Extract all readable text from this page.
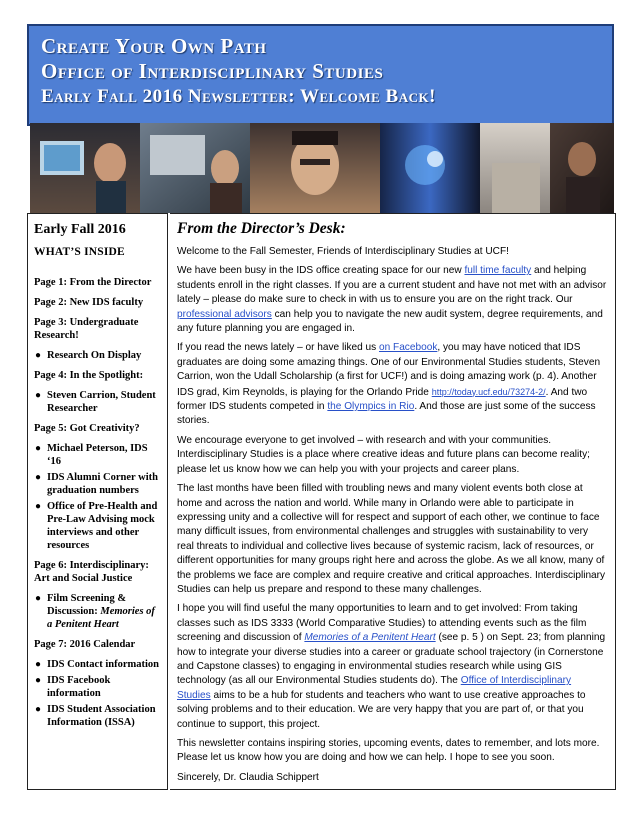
Create Your Own Path
Office of Interdisciplinary Studies
Early Fall 2016 Newsletter: Welcome Back!
Early Fall 2016
WHAT’S INSIDE
Page 1: From the Director
Page 2: New IDS faculty
Page 3: Undergraduate Research!
● Research On Display
Page 4: In the Spotlight:
● Steven Carrion, Student Researcher
Page 5: Got Creativity?
● Michael Peterson, IDS ‘16
● IDS Alumni Corner with graduation numbers
● Office of Pre-Health and Pre-Law Advising mock interviews and other resources
Page 6: Interdisciplinary: Art and Social Justice
● Film Screening & Discussion: Memories of a Penitent Heart
Page 7: 2016 Calendar
● IDS Contact information
● IDS Facebook information
● IDS Student Association Information (ISSA)
From the Director’s Desk:

Welcome to the Fall Semester, Friends of Interdisciplinary Studies at UCF!

We have been busy in the IDS office creating space for our new full time faculty and helping students enroll in the right classes. If you are a current student and have not met with an advisor lately – please do make sure to check in with us to ensure you are on the right track. Our professional advisors can help you to navigate the new audit system, degree requirements, and any future planning you are engaged in.

If you read the news lately – or have liked us on Facebook, you may have noticed that IDS graduates are doing some amazing things. One of our Environmental Studies students, Steven Carrion, won the Udall Scholarship (a first for UCF!) and is doing amazing work (p. 4). Another IDS grad, Kim Reynolds, is playing for the Orlando Pride http://today.ucf.edu/73274-2/. And two former IDS students competed in the Olympics in Rio. And those are just some of the success stories.

We encourage everyone to get involved – with research and with your communities. Interdisciplinary Studies is a place where creative ideas and future plans can become reality; please let us know how we can help you with your projects and career plans.

The last months have been filled with troubling news and many violent events both close at home and across the nation and world. While many in Orlando were able to participate in expressing unity and a collective will for respect and support of each other, we continue to face many difficult issues, from environmental challenges and struggles with sustainability to very real threats to individual and collective lives because of systemic racism, lack of resources, or different opportunities for many groups right here and across the globe. As we all know, many of the problems we face are complex and require creative and critical approaches. Interdisciplinary Studies can help us prepare and respond to these many challenges.

I hope you will find useful the many opportunities to learn and to get involved: From taking classes such as IDS 3333 (World Comparative Studies) to attending events such as the film screening and discussion of Memories of a Penitent Heart (see p. 5 ) on Sept. 23; from planning how to integrate your diverse studies into a career or graduate school trajectory (in Cornerstone and Capstone classes) to engaging in environmental studies research while using GIS technology (as all our Environmental Studies students do). The Office of Interdisciplinary Studies aims to be a hub for students and teachers who want to use creative approaches to solving problems and to their education. We are very happy that you are part of, or that you continue to support, this project.

This newsletter contains inspiring stories, upcoming events, dates to remember, and lots more. Please let us know how you are doing and how we can help. I hope to see you soon.

Sincerely, Dr. Claudia Schippert
